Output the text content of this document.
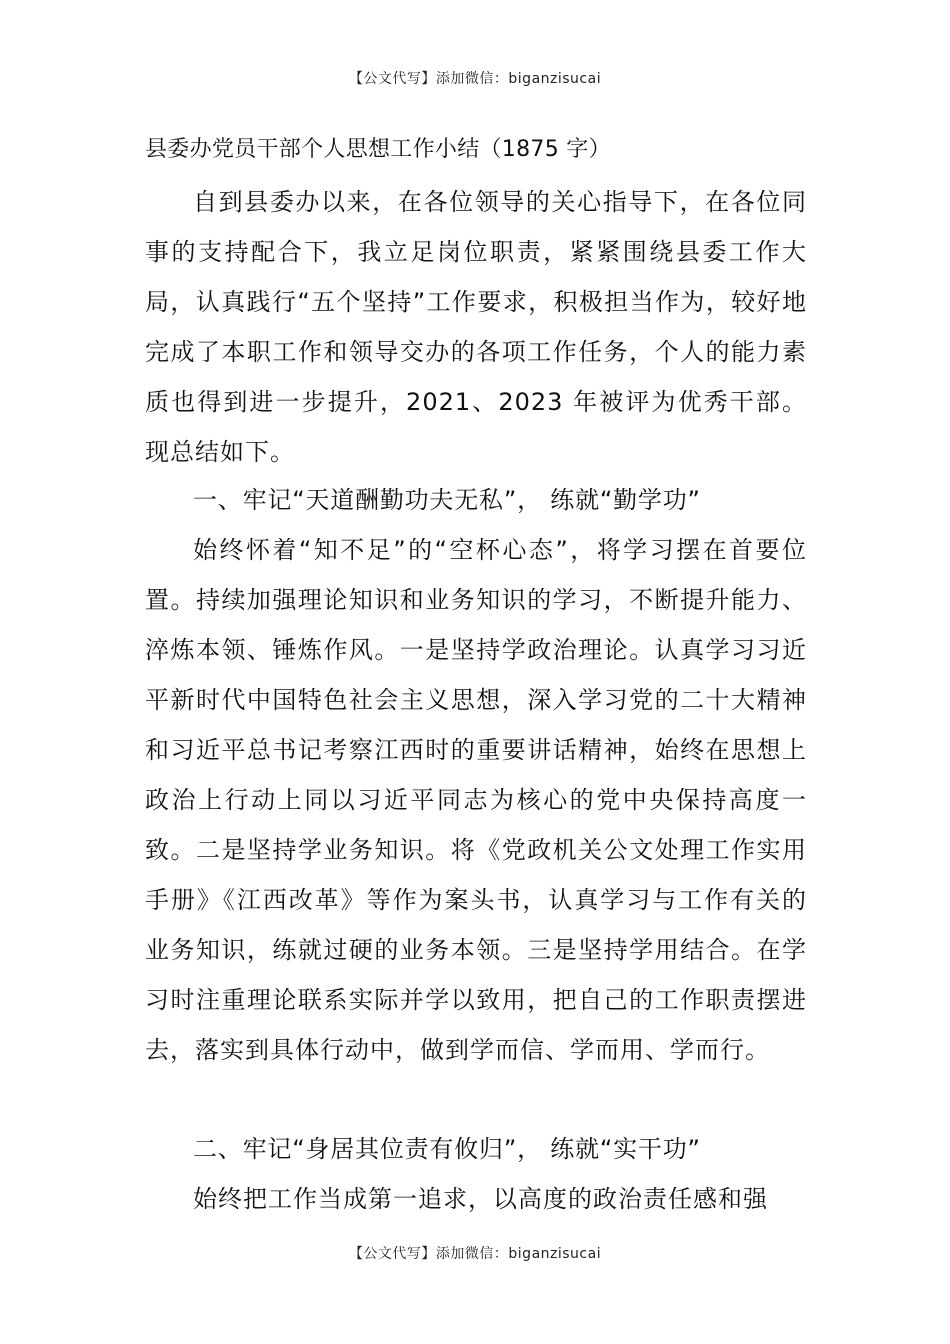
【公文代写】添加微信：biganzisucai
县委办党员干部个人思想工作小结（1875 字）

自到县委办以来，在各位领导的关心指导下，在各位同事的支持配合下，我立足岗位职责，紧紧围绕县委工作大局，认真践行“五个坚持”工作要求，积极担当作为，较好地完成了本职工作和领导交办的各项工作任务，个人的能力素质也得到进一步提升，2021、2023 年被评为优秀干部。现总结如下。

一、牢记“天道酬勤功夫无私”， 练就“勤学功”

始终怀着“知不足”的“空杯心态”，将学习摆在首要位置。持续加强理论知识和业务知识的学习，不断提升能力、淬炼本领、锤炼作风。一是坚持学政治理论。认真学习习近平新时代中国特色社会主义思想，深入学习党的二十大精神和习近平总书记考察江西时的重要讲话精神，始终在思想上政治上行动上同以习近平同志为核心的党中央保持高度一致。二是坚持学业务知识。将《党政机关公文处理工作实用手册》《江西改革》等作为案头书，认真学习与工作有关的业务知识，练就过硬的业务本领。三是坚持学用结合。在学习时注重理论联系实际并学以致用，把自己的工作职责摆进去，落实到具体行动中，做到学而信、学而用、学而行。

二、牢记“身居其位责有攸归”， 练就“实干功”

始终把工作当成第一追求，以高度的政治责任感和强

【公文代写】添加微信：biganzisucai
